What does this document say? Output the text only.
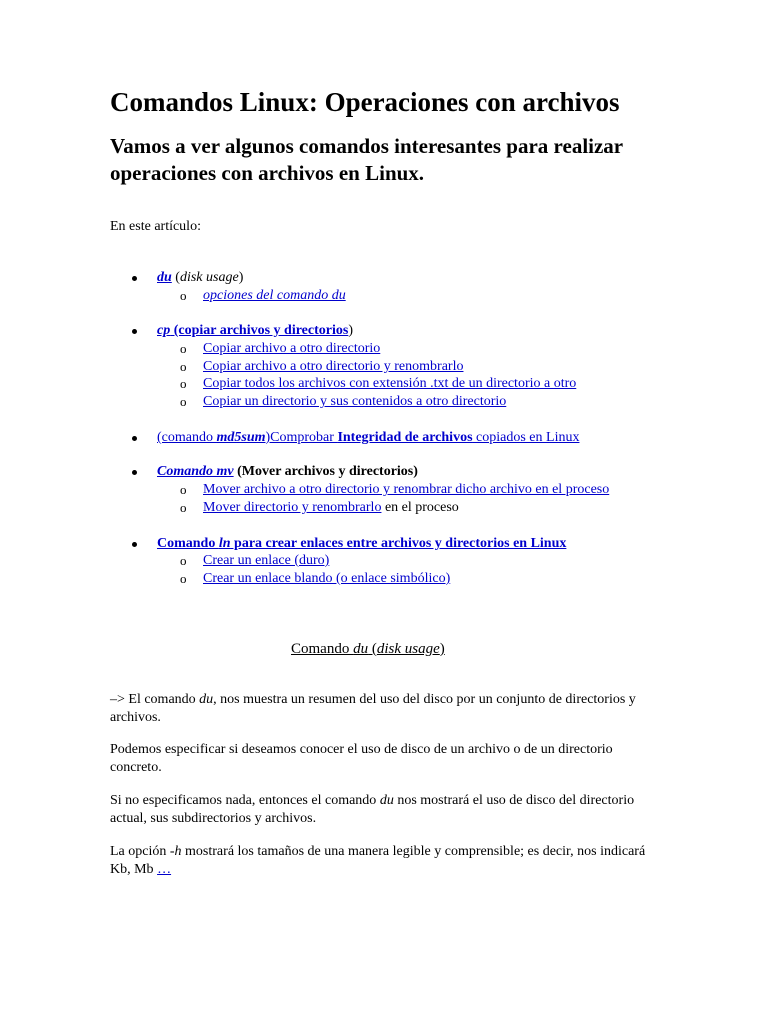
Comandos Linux: Operaciones con archivos
Vamos a ver algunos comandos interesantes para realizar operaciones con archivos en Linux.
En este artículo:
du (disk usage)
o opciones del comando du
cp (copiar archivos y directorios)
o Copiar archivo a otro directorio
o Copiar archivo a otro directorio y renombrarlo
o Copiar todos los archivos con extensión .txt de un directorio a otro
o Copiar un directorio y sus contenidos a otro directorio
(comando md5sum)Comprobar Integridad de archivos copiados en Linux
Comando mv (Mover archivos y directorios)
o Mover archivo a otro directorio y renombrar dicho archivo en el proceso
o Mover directorio y renombrarlo en el proceso
Comando ln para crear enlaces entre archivos y directorios en Linux
o Crear un enlace (duro)
o Crear un enlace blando (o enlace simbólico)
Comando du (disk usage)

–> El comando du, nos muestra un resumen del uso del disco por un conjunto de directorios y archivos.

Podemos especificar si deseamos conocer el uso de disco de un archivo o de un directorio concreto.

Si no especificamos nada, entonces el comando du nos mostrará el uso de disco del directorio actual, sus subdirectorios y archivos.

La opción -h mostrará los tamaños de una manera legible y comprensible; es decir, nos indicará Kb, Mb …
